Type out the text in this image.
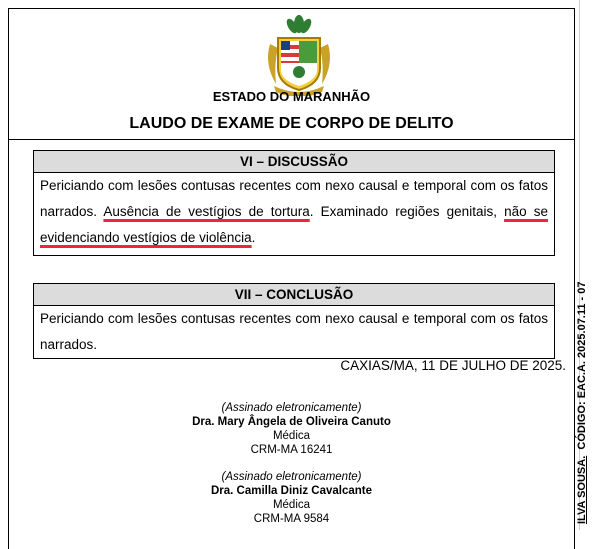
ESTADO DO MARANHÃO
LAUDO DE EXAME DE CORPO DE DELITO
VI – DISCUSSÃO
Periciando com lesões contusas recentes com nexo causal e temporal com os fatos narrados. Ausência de vestígios de tortura. Examinado regiões genitais, não se evidenciando vestígios de violência.
VII – CONCLUSÃO
Periciando com lesões contusas recentes com nexo causal e temporal com os fatos narrados.
CAXIAS/MA, 11 DE JULHO DE 2025.
(Assinado eletronicamente)
Dra. Mary Ângela de Oliveira Canuto
Médica
CRM-MA 16241
(Assinado eletronicamente)
Dra. Camilla Diniz Cavalcante
Médica
CRM-MA 9584	ILVA SOUSA.  CÓDIGO: EAC.A. 2025.07.11 - 07
